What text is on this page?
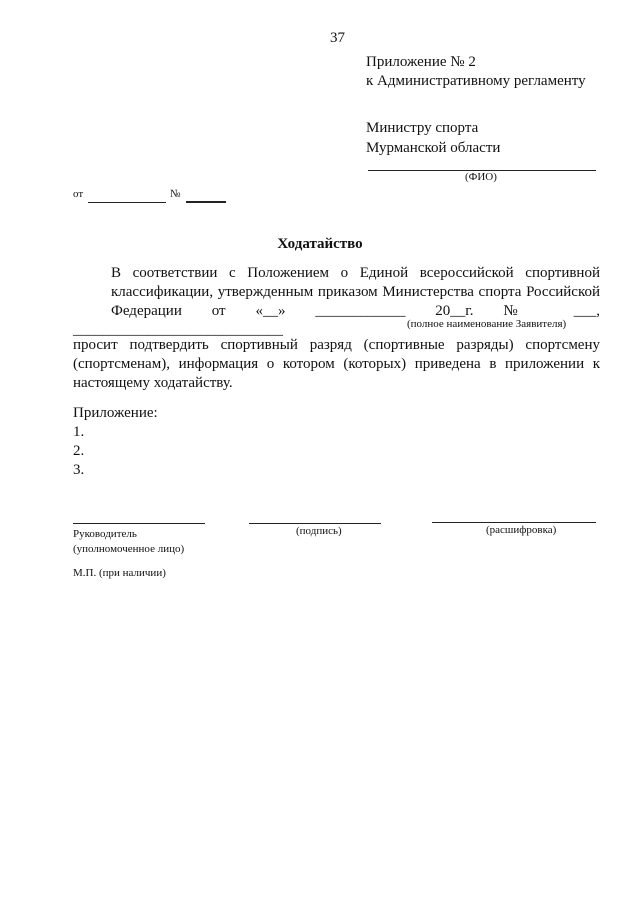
37
Приложение № 2
к Административному регламенту
Министру спорта
Мурманской области
(ФИО)
от	№
Ходатайство
В соответствии с Положением о Единой всероссийской спортивной
классификации, утвержденным приказом Министерства спорта Российской
Федерации от «__» ____________ 20__г. № ___, ____________________________	(полное наименование Заявителя)
просит подтвердить спортивный разряд (спортивные разряды) спортсмену
(спортсменам), информация о котором (которых) приведена в приложении к
настоящему ходатайству.
Приложение:
1.
2.
3.
Руководитель
(уполномоченное лицо)
(подпись)	(расшифровка)
М.П. (при наличии)
